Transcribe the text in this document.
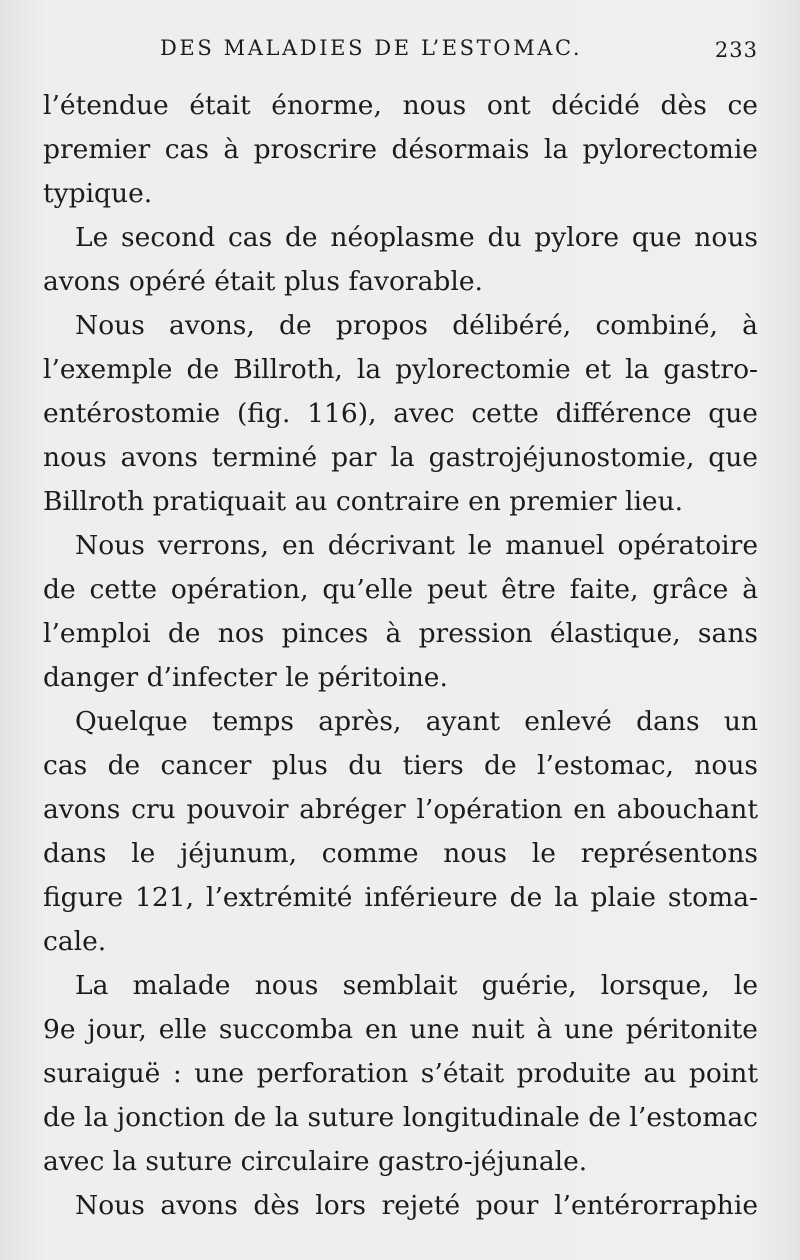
DES MALADIES DE L’ESTOMAC.	233
l’étendue était énorme, nous ont décidé dès ce
premier cas à proscrire désormais la pylorectomie
typique.
Le second cas de néoplasme du pylore que nous
avons opéré était plus favorable.
Nous avons, de propos délibéré, combiné, à
l’exemple de Billroth, la pylorectomie et la gastro-
entérostomie (fig. 116), avec cette différence que
nous avons terminé par la gastrojéjunostomie, que
Billroth pratiquait au contraire en premier lieu.
Nous verrons, en décrivant le manuel opératoire
de cette opération, qu’elle peut être faite, grâce à
l’emploi de nos pinces à pression élastique, sans
danger d’infecter le péritoine.
Quelque temps après, ayant enlevé dans un
cas de cancer plus du tiers de l’estomac, nous
avons cru pouvoir abréger l’opération en abouchant
dans le jéjunum, comme nous le représentons
figure 121, l’extrémité inférieure de la plaie stoma-
cale.
La malade nous semblait guérie, lorsque, le
9e jour, elle succomba en une nuit à une péritonite
suraiguë : une perforation s’était produite au point
de la jonction de la suture longitudinale de l’estomac
avec la suture circulaire gastro-jéjunale.
Nous avons dès lors rejeté pour l’entérorraphie
